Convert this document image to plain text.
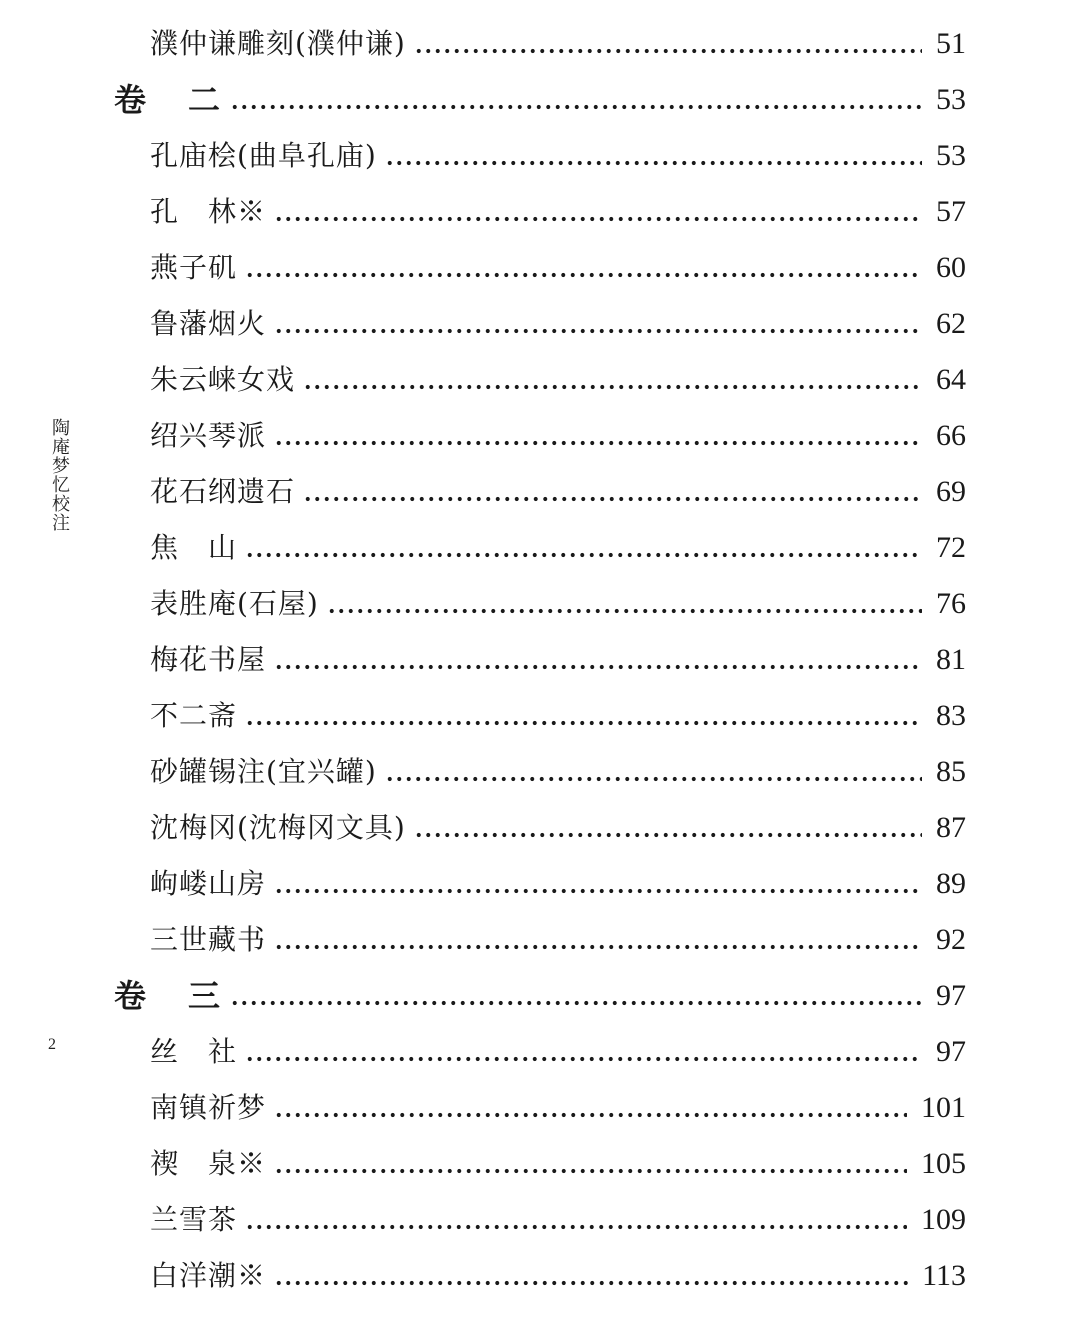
濮仲谦雕刻(濮仲谦)	51
卷 二	53
孔庙桧(曲阜孔庙)	53
孔　林※	57
燕子矶	60
鲁藩烟火	62
朱云崃女戏	64
绍兴琴派	66
花石纲遗石	69
焦　山	72
表胜庵(石屋)	76
梅花书屋	81
不二斋	83
砂罐锡注(宜兴罐)	85
沈梅冈(沈梅冈文具)	87
岣嵝山房	89
三世藏书	92
卷 三	97
丝　社	97
南镇祈梦	101
禊　泉※	105
兰雪茶	109
白洋潮※	113
陶庵梦忆校注
2
